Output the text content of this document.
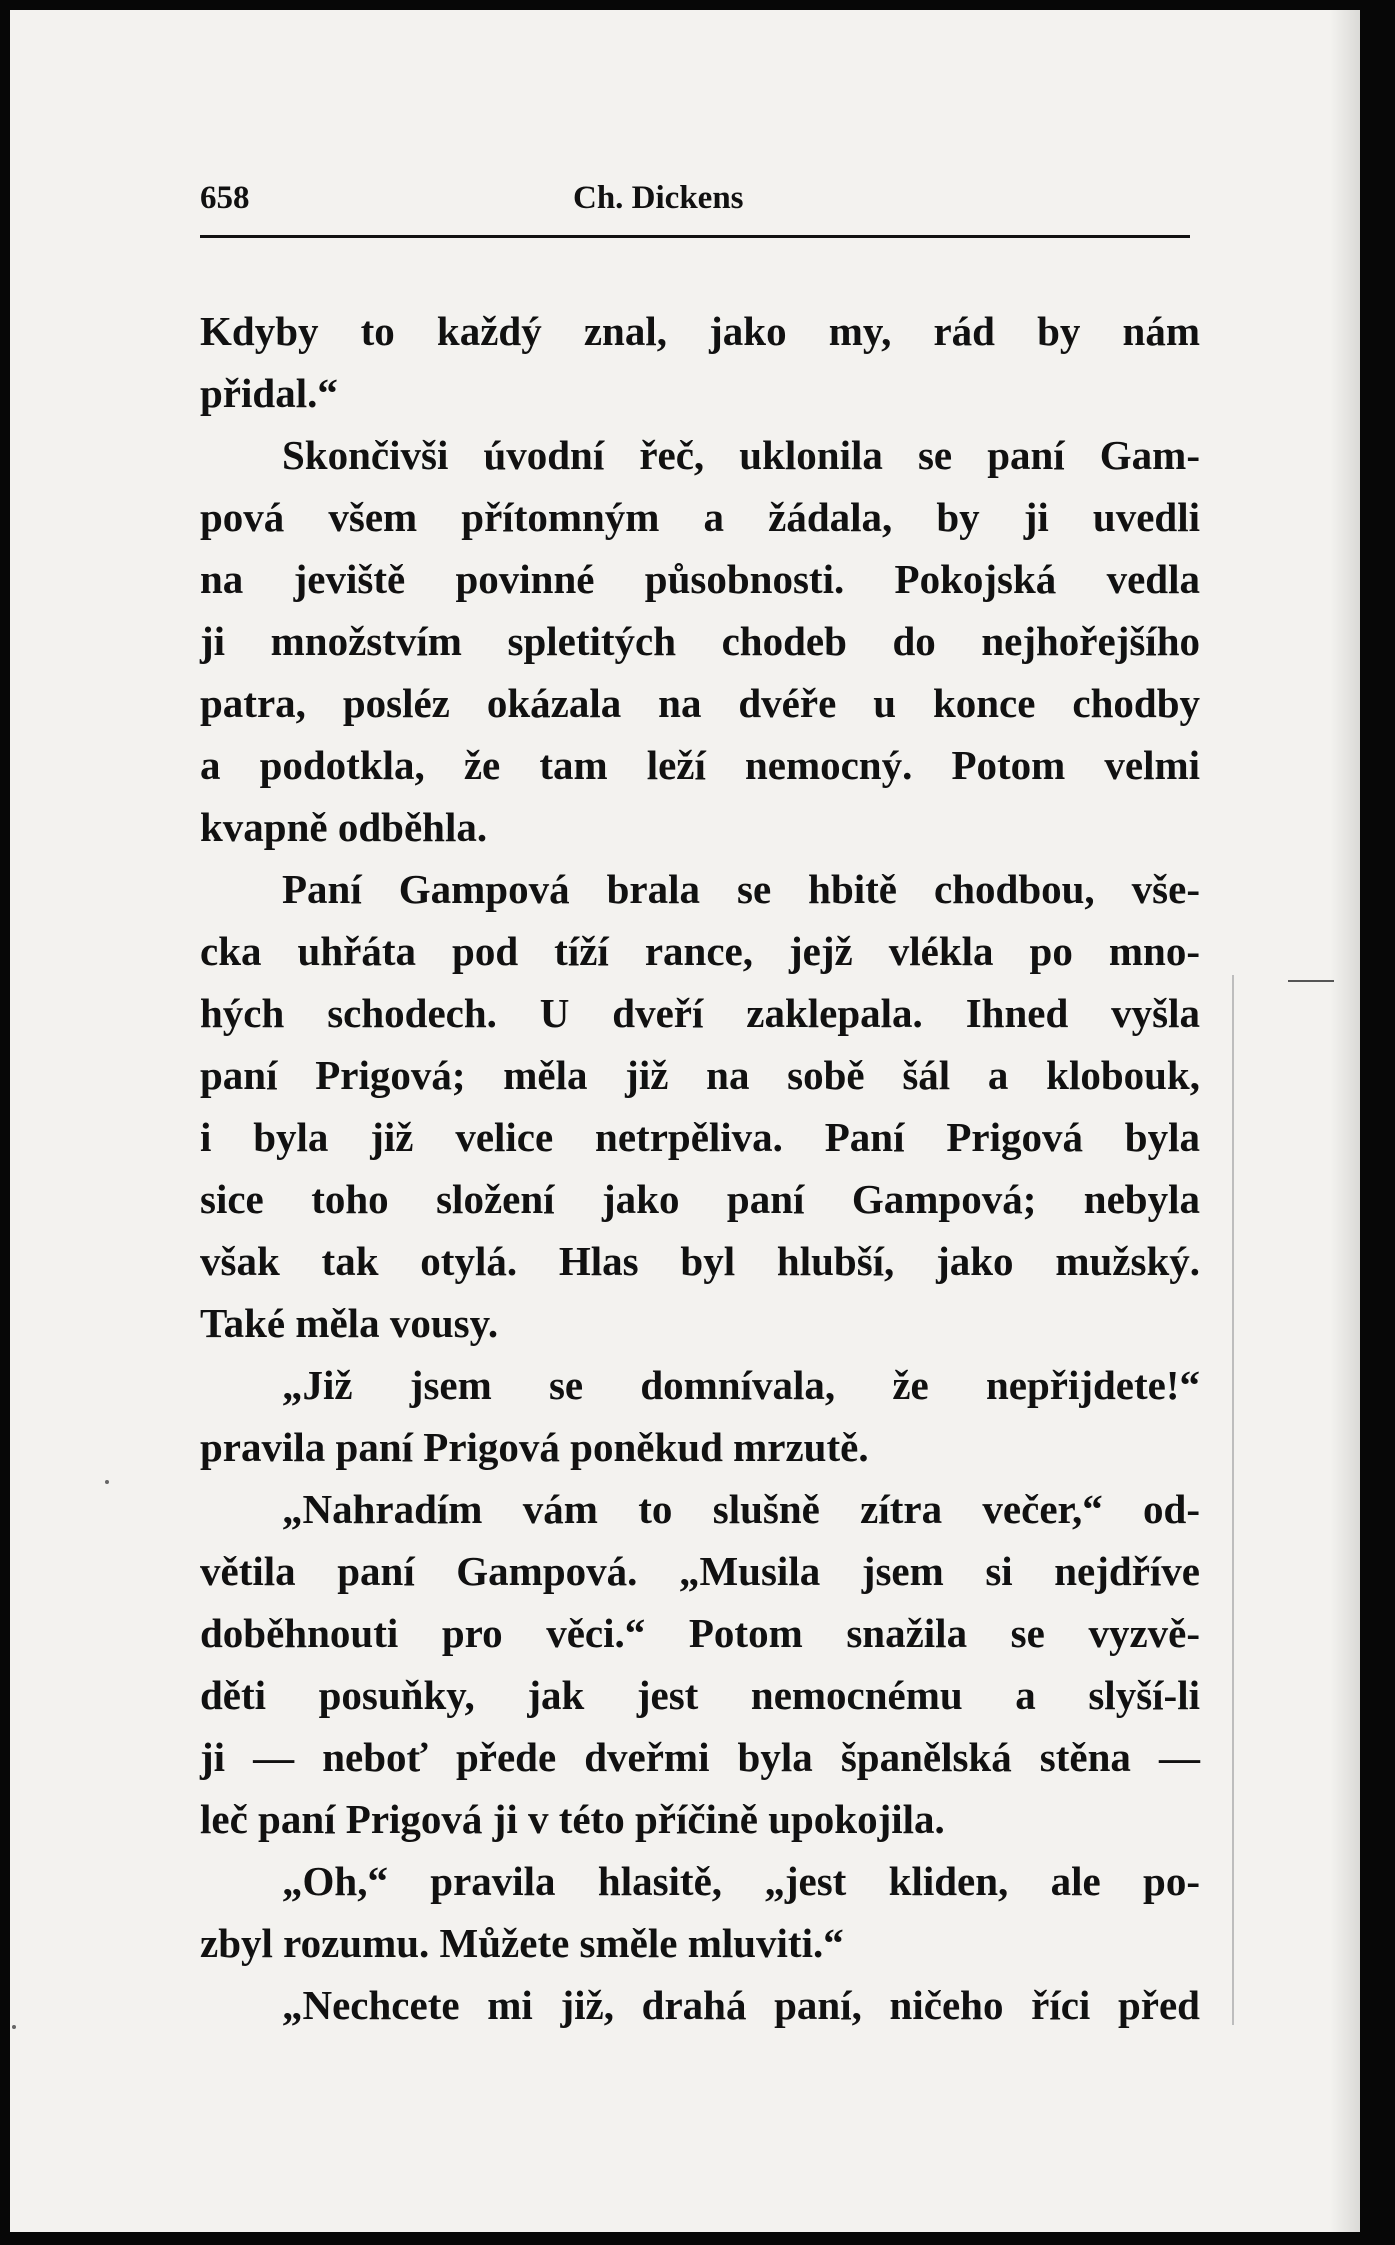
658	Ch. Dickens
Kdyby to každý znal, jako my, rád by nám
přidal.“
Skončivši úvodní řeč, uklonila se paní Gam-
pová všem přítomným a žádala, by ji uvedli
na jeviště povinné působnosti. Pokojská vedla
ji množstvím spletitých chodeb do nejhořejšího
patra, posléz okázala na dvéře u konce chodby
a podotkla, že tam leží nemocný. Potom velmi
kvapně odběhla.
Paní Gampová brala se hbitě chodbou, vše-
cka uhřáta pod tíží rance, jejž vlékla po mno-
hých schodech. U dveří zaklepala. Ihned vyšla
paní Prigová; měla již na sobě šál a klobouk,
i byla již velice netrpěliva. Paní Prigová byla
sice toho složení jako paní Gampová; nebyla
však tak otylá. Hlas byl hlubší, jako mužský.
Také měla vousy.
„Již jsem se domnívala, že nepřijdete!“
pravila paní Prigová poněkud mrzutě.
„Nahradím vám to slušně zítra večer,“ od-
větila paní Gampová. „Musila jsem si nejdříve
doběhnouti pro věci.“ Potom snažila se vyzvě-
děti posuňky, jak jest nemocnému a slyší-li
ji — neboť přede dveřmi byla španělská stěna —
leč paní Prigová ji v této příčině upokojila.
„Oh,“ pravila hlasitě, „jest kliden, ale po-
zbyl rozumu. Můžete směle mluviti.“
„Nechcete mi již, drahá paní, ničeho říci před
